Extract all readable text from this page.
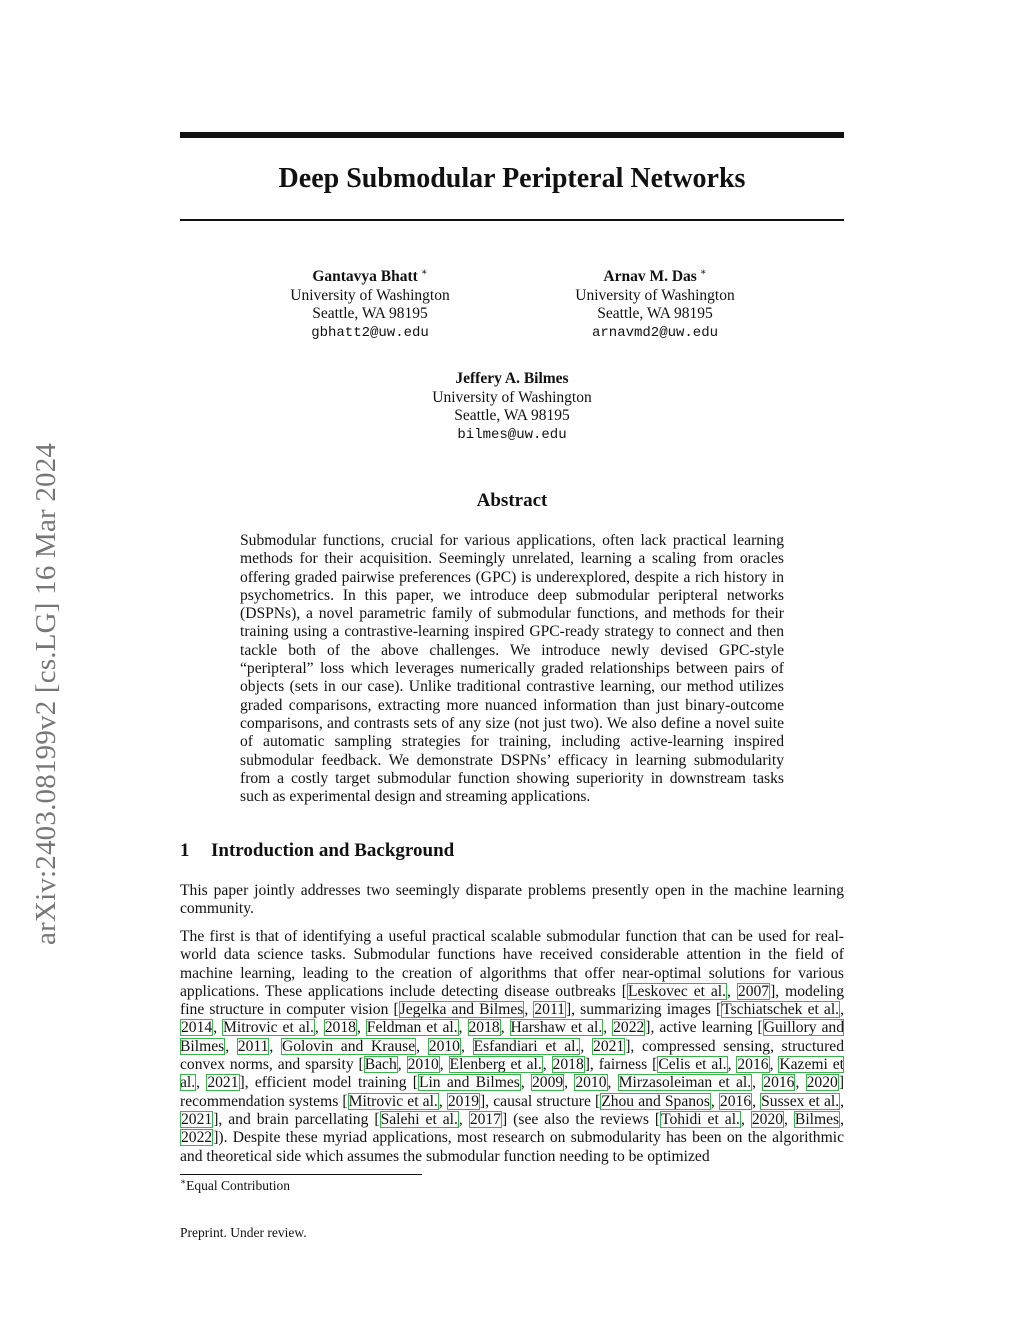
arXiv:2403.08199v2 [cs.LG] 16 Mar 2024
Deep Submodular Peripteral Networks
Gantavya Bhatt ∗
University of Washington
Seattle, WA 98195
gbhatt2@uw.edu
Arnav M. Das ∗
University of Washington
Seattle, WA 98195
arnavmd2@uw.edu
Jeffery A. Bilmes
University of Washington
Seattle, WA 98195
bilmes@uw.edu
Abstract

Submodular functions, crucial for various applications, often lack practical learning methods for their acquisition. Seemingly unrelated, learning a scaling from oracles offering graded pairwise preferences (GPC) is underexplored, despite a rich history in psychometrics. In this paper, we introduce deep submodular peripteral networks (DSPNs), a novel parametric family of submodular functions, and methods for their training using a contrastive-learning inspired GPC-ready strategy to connect and then tackle both of the above challenges. We introduce newly devised GPC-style “peripteral” loss which leverages numerically graded relationships between pairs of objects (sets in our case). Unlike traditional contrastive learning, our method utilizes graded comparisons, extracting more nuanced information than just binary-outcome comparisons, and contrasts sets of any size (not just two). We also define a novel suite of automatic sampling strategies for training, including active-learning inspired submodular feedback. We demonstrate DSPNs’ efficacy in learning submodularity from a costly target submodular function showing superiority in downstream tasks such as experimental design and streaming applications.

1 Introduction and Background

This paper jointly addresses two seemingly disparate problems presently open in the machine learning community.

The first is that of identifying a useful practical scalable submodular function that can be used for real-world data science tasks. Submodular functions have received considerable attention in the field of machine learning, leading to the creation of algorithms that offer near-optimal solutions for various applications. These applications include detecting disease outbreaks [Leskovec et al., 2007], modeling fine structure in computer vision [Jegelka and Bilmes, 2011], summarizing images [Tschiatschek et al., 2014, Mitrovic et al., 2018, Feldman et al., 2018, Harshaw et al., 2022], active learning [Guillory and Bilmes, 2011, Golovin and Krause, 2010, Esfandiari et al., 2021], compressed sensing, structured convex norms, and sparsity [Bach, 2010, Elenberg et al., 2018], fairness [Celis et al., 2016, Kazemi et al., 2021], efficient model training [Lin and Bilmes, 2009, 2010, Mirzasoleiman et al., 2016, 2020] recommendation systems [Mitrovic et al., 2019], causal structure [Zhou and Spanos, 2016, Sussex et al., 2021], and brain parcellating [Salehi et al., 2017] (see also the reviews [Tohidi et al., 2020, Bilmes, 2022]). Despite these myriad applications, most research on submodularity has been on the algorithmic and theoretical side which assumes the submodular function needing to be optimized

∗Equal Contribution

Preprint. Under review.
